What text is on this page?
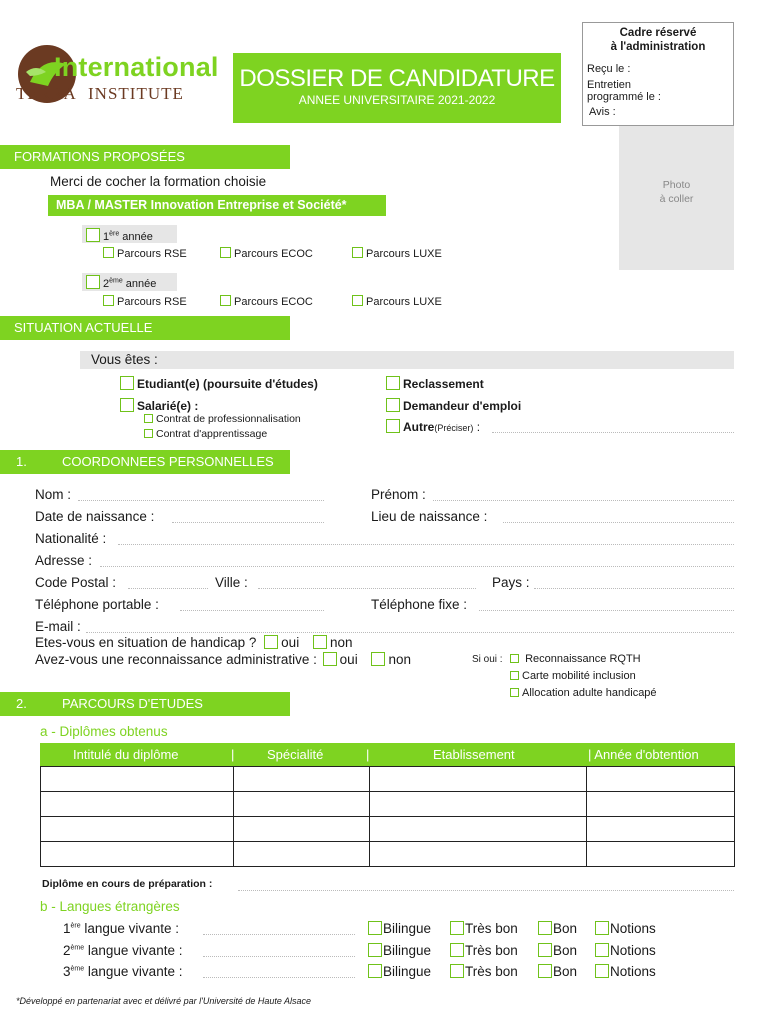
International
TERRA INSTITUTE
DOSSIER DE CANDIDATURE
ANNEE UNIVERSITAIRE 2021-2022
Cadre réservé
à l'administration
Reçu le :
Entretien
programmé le :
Avis :
Photo
à coller
FORMATIONS PROPOSÉES
Merci de cocher la formation choisie
MBA / MASTER Innovation Entreprise et Société*
1ère année
Parcours RSE	Parcours ECOC	Parcours LUXE
2ème année
Parcours RSE	Parcours ECOC	Parcours LUXE
SITUATION ACTUELLE
Vous êtes :
Etudiant(e) (poursuite d'études)
Salarié(e) :
Contrat de professionnalisation
Contrat d'apprentissage
Reclassement
Demandeur d'emploi
Autre(Préciser) :
1.	COORDONNEES PERSONNELLES
Nom :	Prénom :
Date de naissance :	Lieu de naissance :
Nationalité :
Adresse :
Code Postal :	Ville :	Pays :
Téléphone portable :	Téléphone fixe :
E-mail :
Etes-vous en situation de handicap ? oui non
Avez-vous une reconnaissance administrative : oui non	Si oui :	Reconnaissance RQTH
Carte mobilité inclusion
Allocation adulte handicapé
2.	PARCOURS D'ETUDES
a - Diplômes obtenus
Intitulé du diplôme	|	Spécialité	|	Etablissement	| Année d'obtention

Diplôme en cours de préparation :
b - Langues étrangères
1ère langue vivante :	Bilingue	Très bon	Bon	Notions
2ème langue vivante :	Bilingue	Très bon	Bon	Notions
3ème langue vivante :	Bilingue	Très bon	Bon	Notions
*Développé en partenariat avec et délivré par l'Université de Haute Alsace
